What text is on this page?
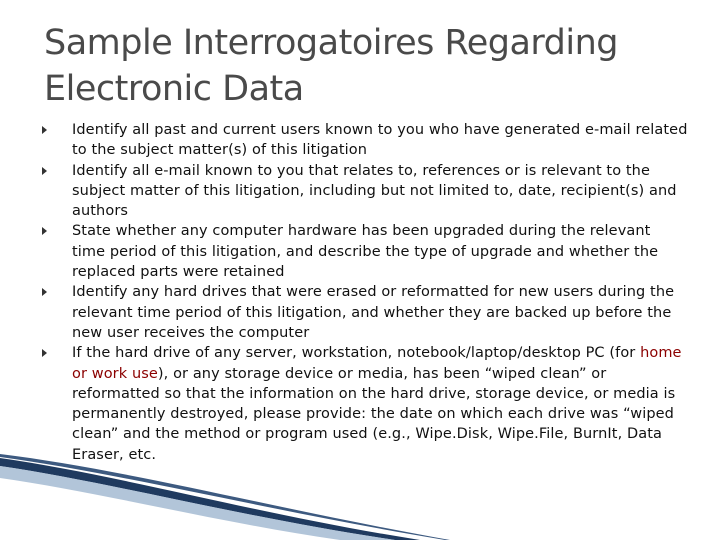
Sample Interrogatoires Regarding Electronic Data
Identify all past and current users known to you who have generated e-mail related to the subject matter(s) of this litigation
Identify all e-mail known to you that relates to, references or is relevant to the subject matter of this litigation, including but not limited to, date, recipient(s) and authors
State whether any computer hardware has been upgraded during the relevant time period of this litigation, and describe the type of upgrade and whether the replaced parts were retained
Identify any hard drives that were erased or reformatted for new users during the relevant time period of this litigation, and whether they are backed up before the new user receives the computer
If the hard drive of any server, workstation, notebook/laptop/desktop PC (for home or work use), or any storage device or media, has been “wiped clean” or reformatted so that the information on the hard drive, storage device, or media is permanently destroyed, please provide: the date on which each drive was “wiped clean” and the method or program used (e.g., Wipe.Disk, Wipe.File, BurnIt, Data Eraser, etc.
